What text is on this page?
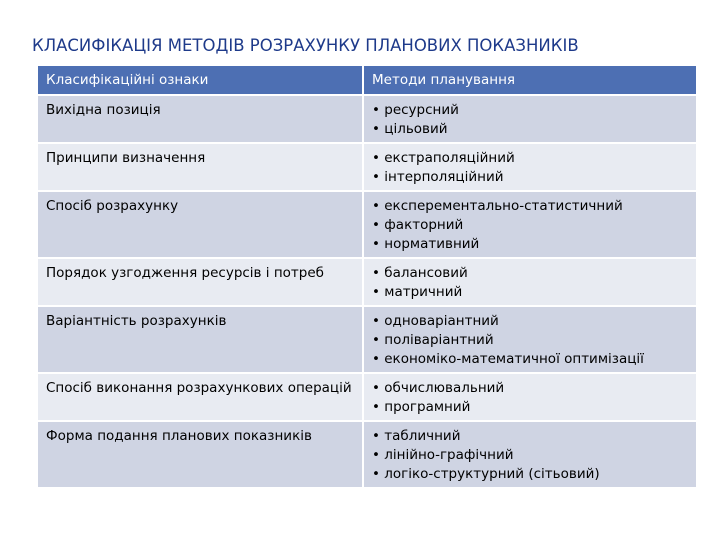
КЛАСИФІКАЦІЯ МЕТОДІВ РОЗРАХУНКУ ПЛАНОВИХ ПОКАЗНИКІВ
Класифікаційні ознаки	Методи планування
Вихідна позиція	• ресурсний
• цільовий

Принципи визначення	• екстраполяційний
• інтерполяційний

Спосіб розрахунку	• експерементально-статистичний
• факторний
• нормативний

Порядок узгодження ресурсів і потреб	• балансовий
• матричний

Варіантність розрахунків	• одноваріантний
• поліваріантний
• економіко-математичної оптимізації

Спосіб виконання розрахункових операцій	• обчислювальний
• програмний

Форма подання планових показників	• табличний
• лінійно-графічний
• логіко-структурний (сітьовий)
